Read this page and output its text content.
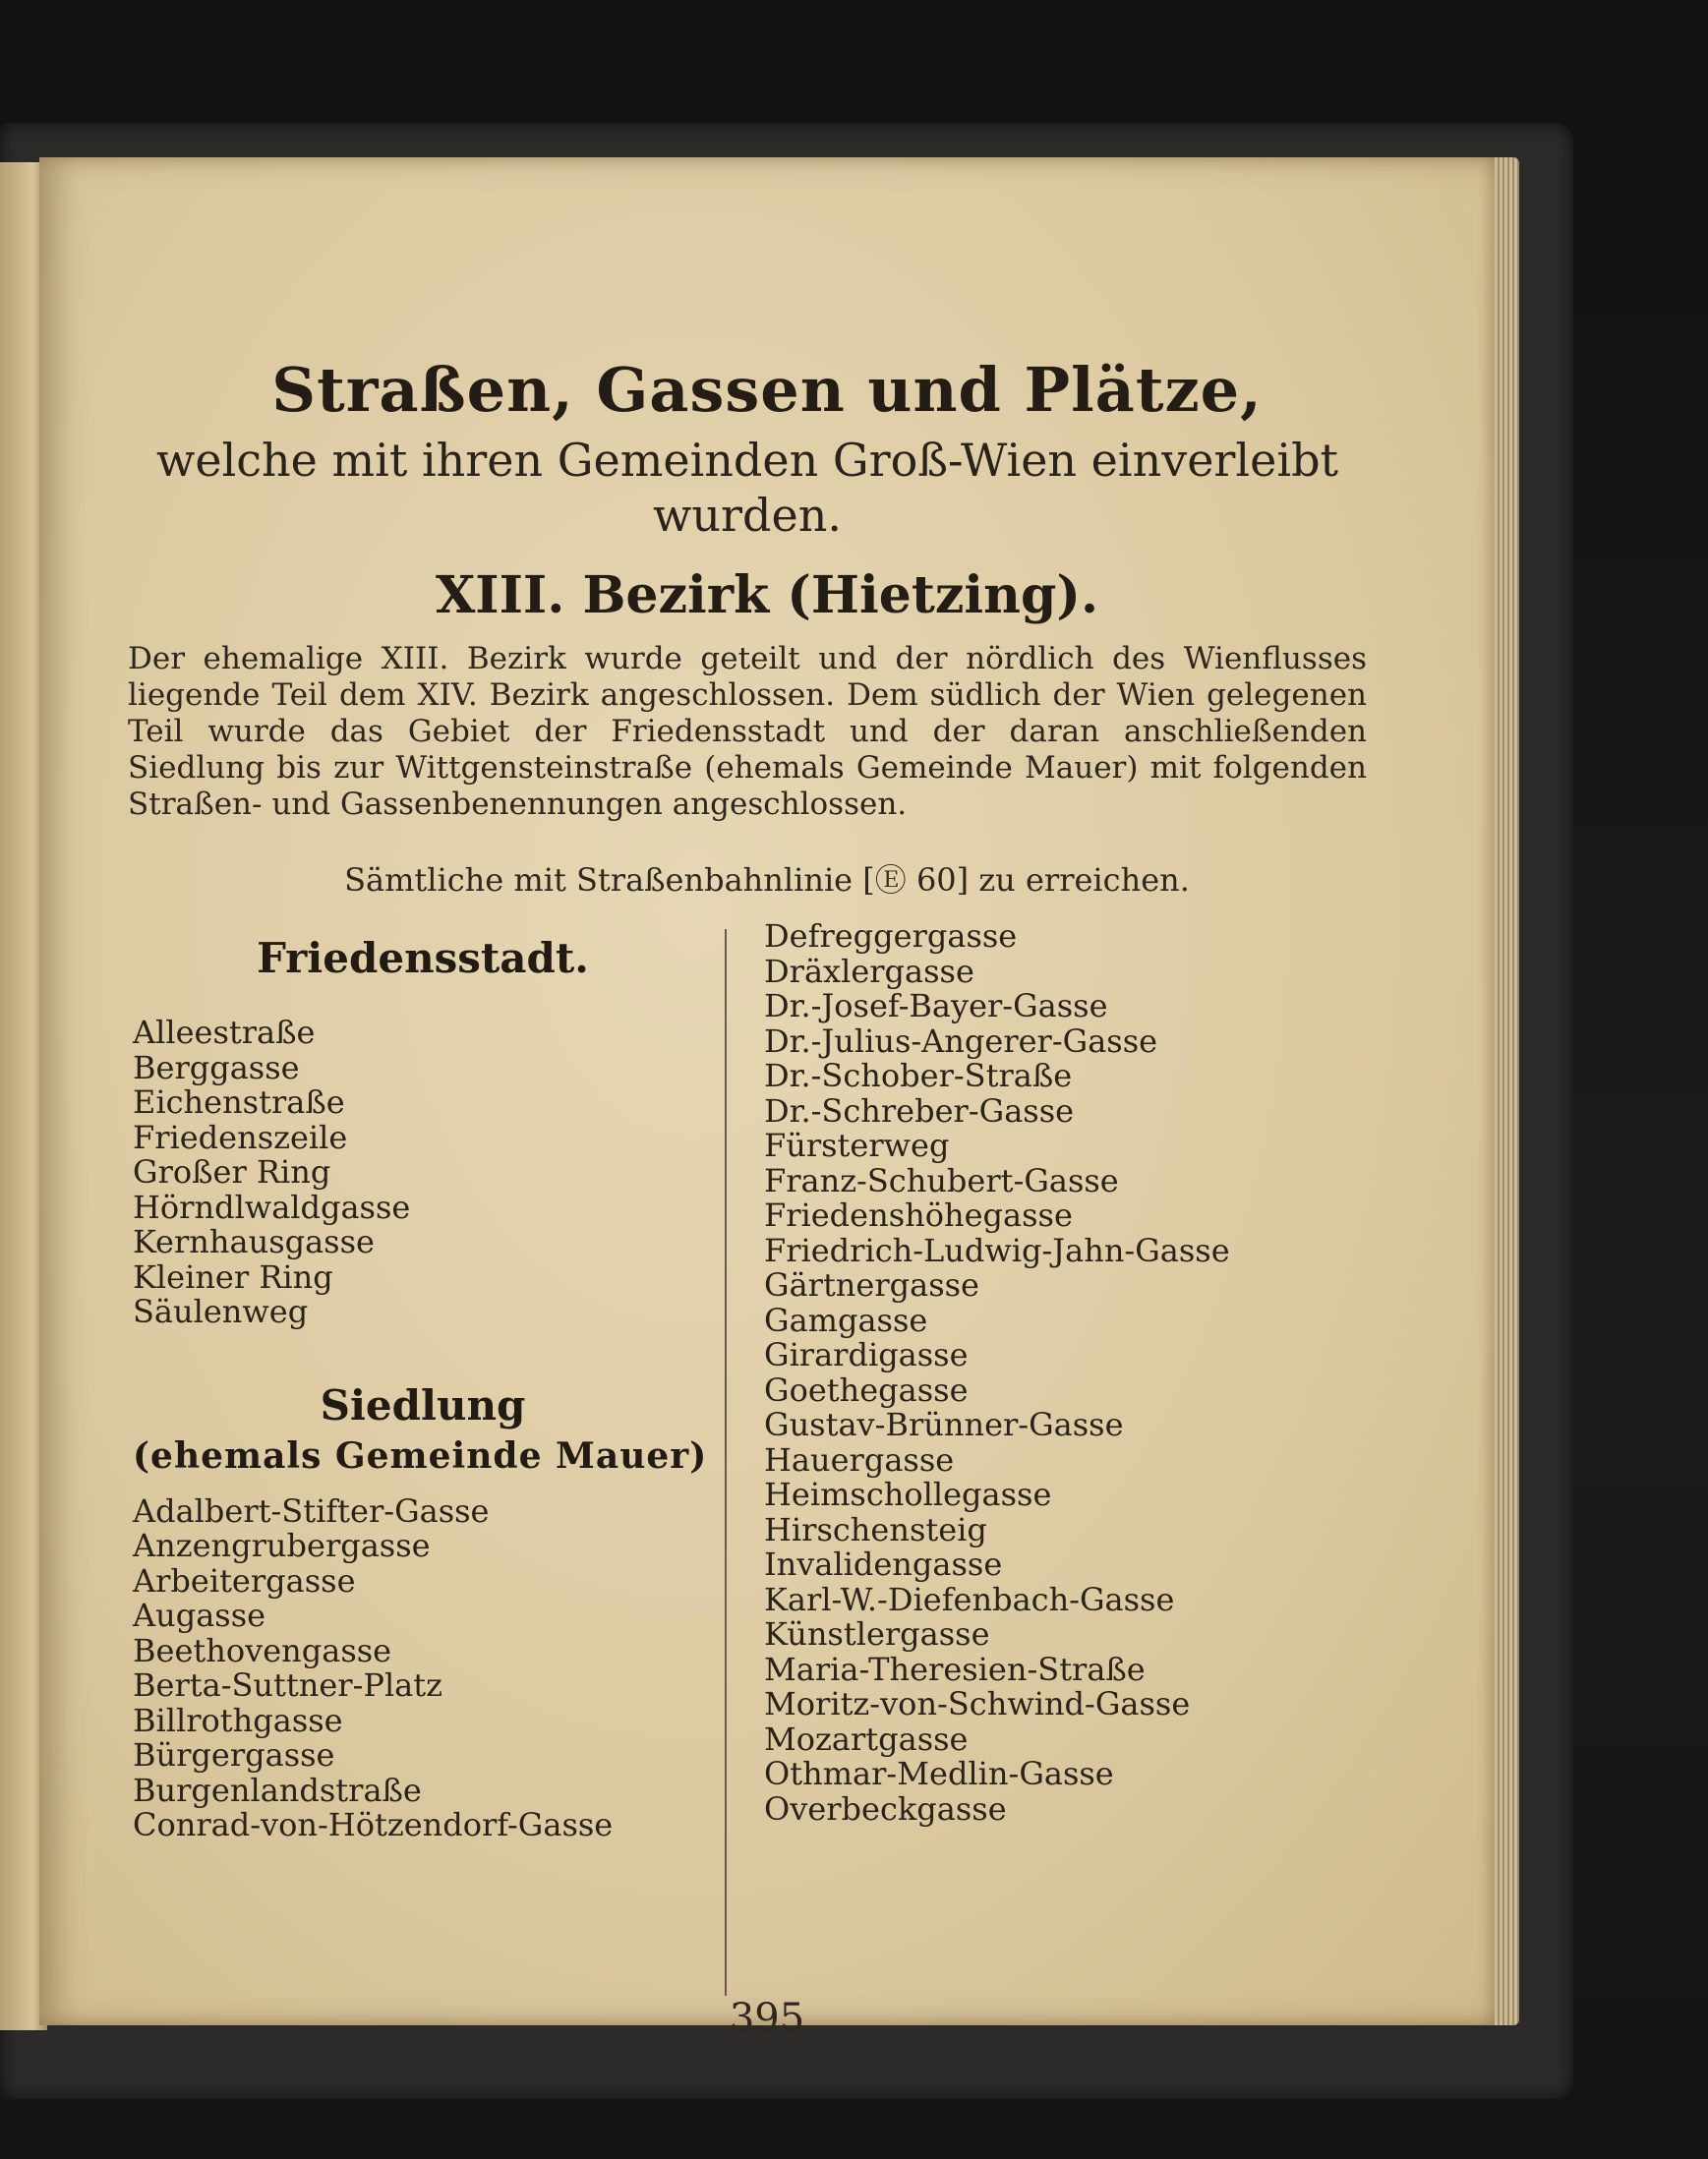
Straßen, Gassen und Plätze,
welche mit ihren Gemeinden Groß-Wien einverleibt wurden.
XIII. Bezirk (Hietzing).
Der ehemalige XIII. Bezirk wurde geteilt und der nördlich des Wienflusses liegende Teil dem XIV. Bezirk angeschlossen. Dem südlich der Wien gelegenen Teil wurde das Gebiet der Friedensstadt und der daran anschließenden Siedlung bis zur Wittgensteinstraße (ehemals Gemeinde Mauer) mit folgenden Straßen- und Gassenbenennungen angeschlossen.
Sämtliche mit Straßenbahnlinie [Ⓔ 60] zu erreichen.
Friedensstadt.
Alleestraße
Berggasse
Eichenstraße
Friedenszeile
Großer Ring
Hörndlwaldgasse
Kernhausgasse
Kleiner Ring
Säulenweg
Siedlung
(ehemals Gemeinde Mauer)
Adalbert-Stifter-Gasse
Anzengrubergasse
Arbeitergasse
Augasse
Beethovengasse
Berta-Suttner-Platz
Billrothgasse
Bürgergasse
Burgenlandstraße
Conrad-von-Hötzendorf-Gasse
Defreggergasse
Dräxlergasse
Dr.-Josef-Bayer-Gasse
Dr.-Julius-Angerer-Gasse
Dr.-Schober-Straße
Dr.-Schreber-Gasse
Fürsterweg
Franz-Schubert-Gasse
Friedenshöhegasse
Friedrich-Ludwig-Jahn-Gasse
Gärtnergasse
Gamgasse
Girardigasse
Goethegasse
Gustav-Brünner-Gasse
Hauergasse
Heimschollegasse
Hirschensteig
Invalidengasse
Karl-W.-Diefenbach-Gasse
Künstlergasse
Maria-Theresien-Straße
Moritz-von-Schwind-Gasse
Mozartgasse
Othmar-Medlin-Gasse
Overbeckgasse
395
